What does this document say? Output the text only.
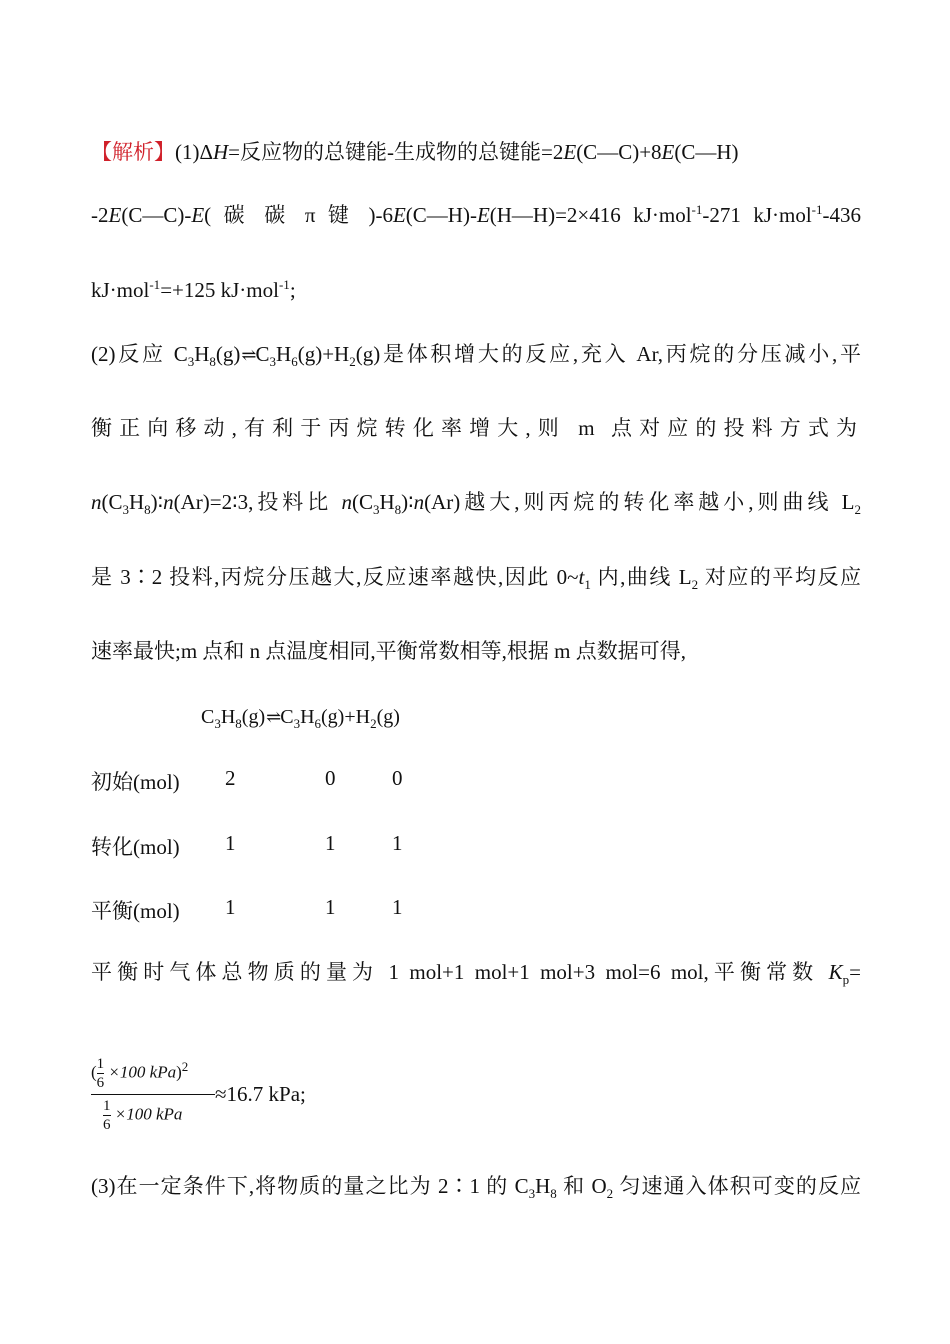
【解析】(1)ΔH=反应物的总键能-生成物的总键能=2E(C—C)+8E(C—H)
-2E(C—C)-E( 碳 碳 π 键 )-6E(C—H)-E(H—H)=2×416 kJ·mol$^{-1}$-271 kJ·mol$^{-1}$-436
kJ·mol$^{-1}$=+125 kJ·mol$^{-1}$;
(2)反应 $C_3H_8(g)\rightleftharpoons C_3H_6(g)+H_2(g)$是体积增大的反应,充入 Ar,丙烷的分压减小,平
衡正向移动,有利于丙烷转化率增大,则 m 点对应的投料方式为
$n(C_3H_8)∶n(Ar)=2∶3$,投料比 $n(C_3H_8)∶n(Ar)$越大,则丙烷的转化率越小,则曲线 $L_2$
是 3∶2 投料,丙烷分压越大,反应速率越快,因此 $0\sim t_1$ 内,曲线 $L_2$ 对应的平均反应
速率最快;m 点和 n 点温度相同,平衡常数相等,根据 m 点数据可得,
$C_3H_8(g)\rightleftharpoons C_3H_6(g)+H_2(g)$
初始(mol) 2	0	0
转化(mol) 1	1	1
平衡(mol) 1	1	1
平衡时气体总物质的量为 1 mol+1 mol+1 mol+3 mol=6 mol,平衡常数 $K_p=$
$\frac{( \frac{1}{6} \times 100 kPa)^2}{\frac{1}{6} \times 100 kPa} \approx 16.7$ kPa;
(3)在一定条件下,将物质的量之比为 2∶1 的 $C_3H_8$ 和 $O_2$ 匀速通入体积可变的反应
